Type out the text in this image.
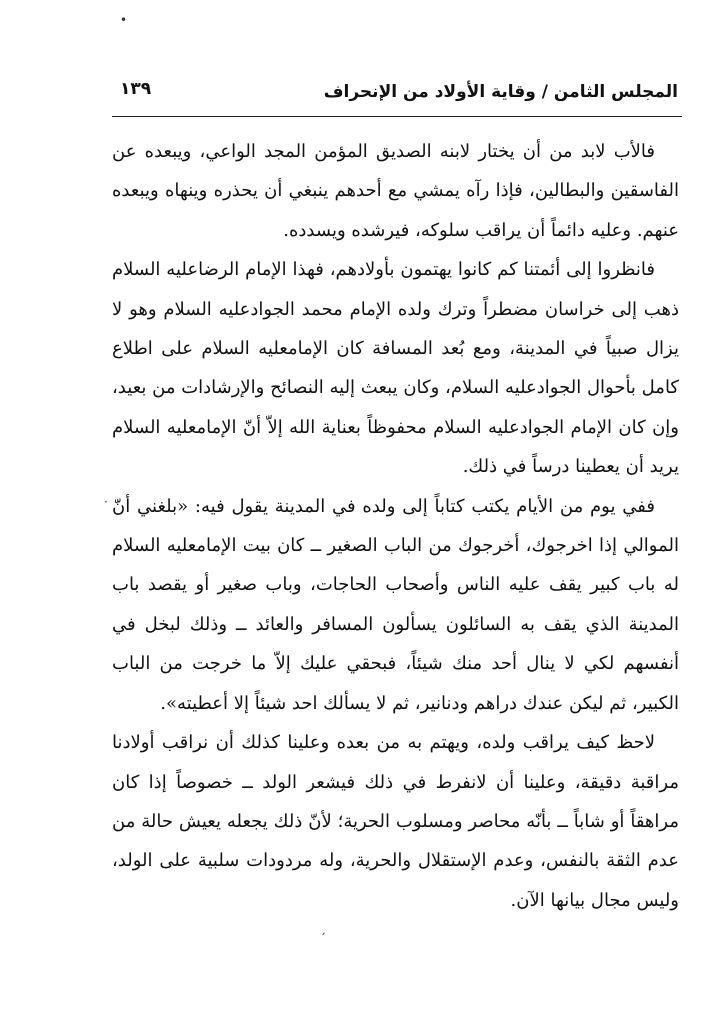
المجلس الثامن / وقاية الأولاد من الإنحراف
١٣٩

فالأب لابد من أن يختار لابنه الصديق المؤمن المجد الواعي، ويبعده عن الفاسقين والبطالين، فإذا رآه يمشي مع أحدهم ينبغي أن يحذره وينهاه ويبعده عنهم. وعليه دائماً أن يراقب سلوكه، فيرشده ويسدده.

فانظروا إلى أئمتنا كم كانوا يهتمون بأولادهم، فهذا الإمام الرضاعليه السلام ذهب إلى خراسان مضطراً وترك ولده الإمام محمد الجوادعليه السلام وهو لا يزال صبياً في المدينة، ومع بُعد المسافة كان الإمامعليه السلام على اطلاع كامل بأحوال الجوادعليه السلام، وكان يبعث إليه النصائح والإرشادات من بعيد، وإن كان الإمام الجوادعليه السلام محفوظاً بعناية الله إلاّ أنّ الإمامعليه السلام يريد أن يعطينا درساً في ذلك.

ففي يوم من الأيام يكتب كتاباً إلى ولده في المدينة يقول فيه: «بلغني أنّ الموالي إذا اخرجوك، أخرجوك من الباب الصغير ــ كان بيت الإمامعليه السلام له باب كبير يقف عليه الناس وأصحاب الحاجات، وباب صغير أو يقصد باب المدينة الذي يقف به السائلون يسألون المسافر والعائد ــ وذلك لبخل في أنفسهم لكي لا ينال أحد منك شيئاً، فبحقي عليك إلاّ ما خرجت من الباب الكبير، ثم ليكن عندك دراهم ودنانير، ثم لا يسألك احد شيئاً إلا أعطيته».

لاحظ كيف يراقب ولده، ويهتم به من بعده وعلينا كذلك أن نراقب أولادنا مراقبة دقيقة، وعلينا أن لانفرط في ذلك فيشعر الولد ــ خصوصاً إذا كان مراهقاً أو شاباً ــ بأنّه محاصر ومسلوب الحرية؛ لأنّ ذلك يجعله يعيش حالة من عدم الثقة بالنفس، وعدم الإستقلال والحرية، وله مردودات سلبية على الولد، وليس مجال بيانها الآن.

•
·
ˏ
